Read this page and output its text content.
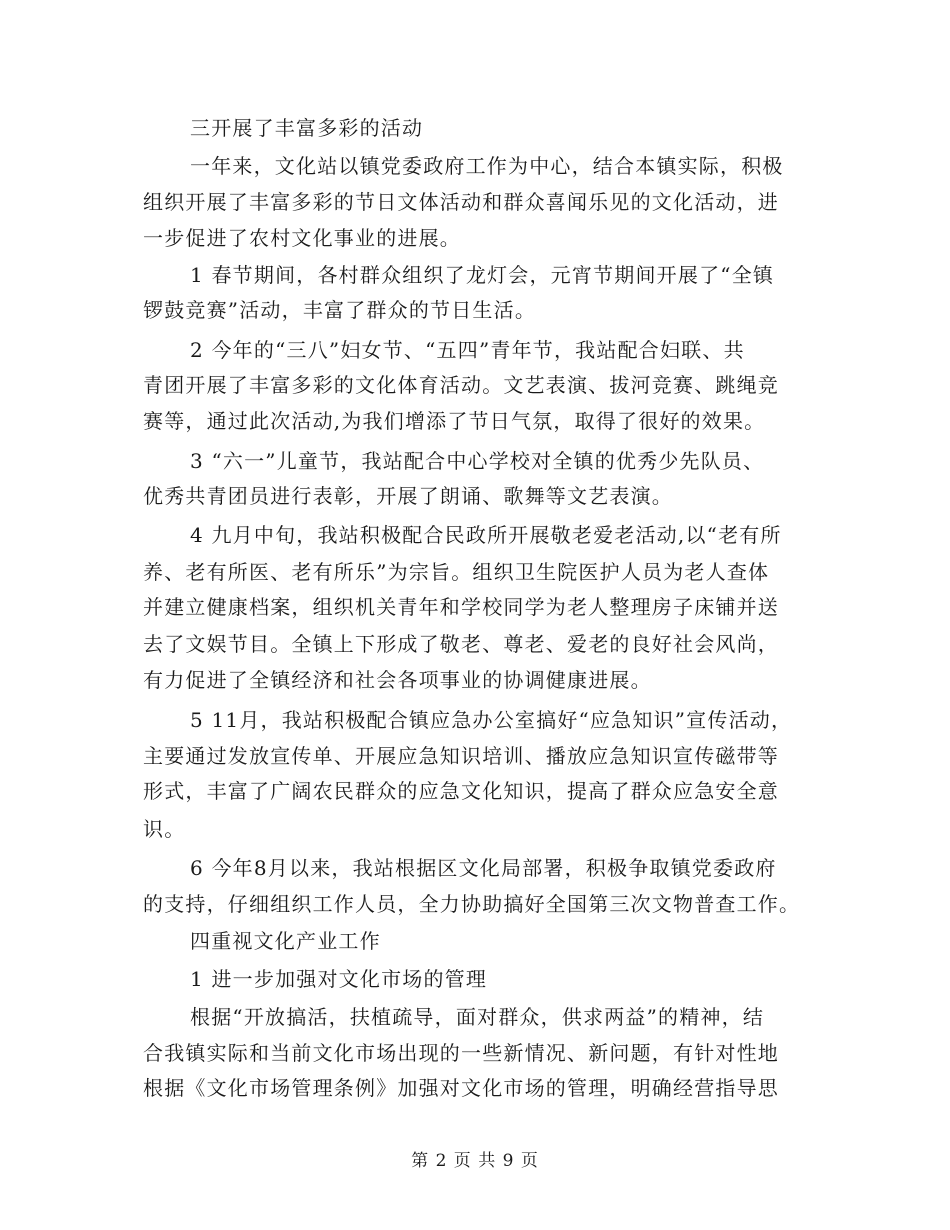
三开展了丰富多彩的活动
一年来，文化站以镇党委政府工作为中心，结合本镇实际，积极
组织开展了丰富多彩的节日文体活动和群众喜闻乐见的文化活动，进
一步促进了农村文化事业的进展。
1 春节期间，各村群众组织了龙灯会，元宵节期间开展了“全镇
锣鼓竞赛”活动，丰富了群众的节日生活。
2 今年的“三八”妇女节、“五四”青年节，我站配合妇联、共
青团开展了丰富多彩的文化体育活动。文艺表演、拔河竞赛、跳绳竞
赛等，通过此次活动,为我们增添了节日气氛，取得了很好的效果。
3 “六一”儿童节，我站配合中心学校对全镇的优秀少先队员、
优秀共青团员进行表彰，开展了朗诵、歌舞等文艺表演。
4 九月中旬，我站积极配合民政所开展敬老爱老活动,以“老有所
养、老有所医、老有所乐”为宗旨。组织卫生院医护人员为老人查体
并建立健康档案，组织机关青年和学校同学为老人整理房子床铺并送
去了文娱节目。全镇上下形成了敬老、尊老、爱老的良好社会风尚，
有力促进了全镇经济和社会各项事业的协调健康进展。
5 11月，我站积极配合镇应急办公室搞好“应急知识”宣传活动，
主要通过发放宣传单、开展应急知识培训、播放应急知识宣传磁带等
形式，丰富了广阔农民群众的应急文化知识，提高了群众应急安全意
识。
6 今年8月以来，我站根据区文化局部署，积极争取镇党委政府
的支持，仔细组织工作人员，全力协助搞好全国第三次文物普查工作。
四重视文化产业工作
1 进一步加强对文化市场的管理
根据“开放搞活，扶植疏导，面对群众，供求两益”的精神，结
合我镇实际和当前文化市场出现的一些新情况、新问题，有针对性地
根据《文化市场管理条例》加强对文化市场的管理，明确经营指导思
第 2 页 共 9 页
